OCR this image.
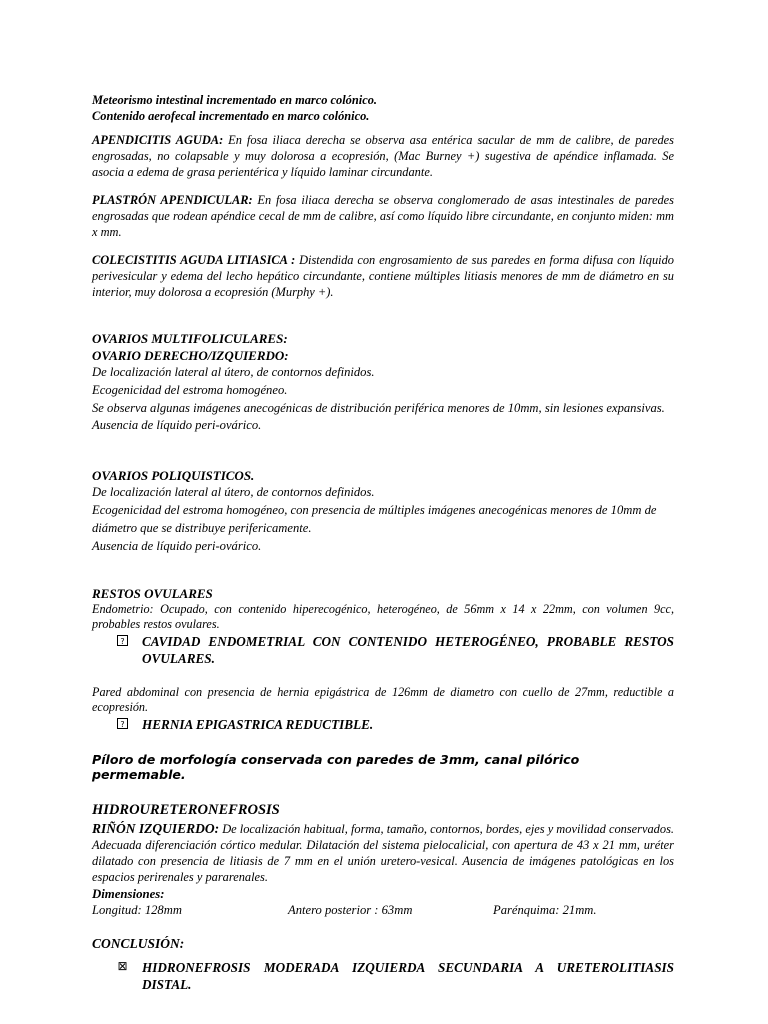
Meteorismo intestinal incrementado en marco colónico.

Contenido aerofecal incrementado en marco colónico.

APENDICITIS AGUDA: En fosa iliaca derecha se observa asa entérica sacular de mm de calibre, de paredes engrosadas, no colapsable y muy dolorosa a ecopresión, (Mac Burney +) sugestiva de apéndice inflamada. Se asocia a edema de grasa perientérica y líquido laminar circundante.

PLASTRÓN APENDICULAR: En fosa iliaca derecha se observa conglomerado de asas intestinales de paredes engrosadas que rodean apéndice cecal de mm de calibre, así como líquido libre circundante, en conjunto miden: mm x mm.

COLECISTITIS AGUDA LITIASICA : Distendida con engrosamiento de sus paredes en forma difusa con líquido perivesicular y edema del lecho hepático circundante, contiene múltiples litiasis menores de mm de diámetro en su interior, muy dolorosa a ecopresión (Murphy +).

OVARIOS MULTIFOLICULARES:

OVARIO DERECHO/IZQUIERDO:

De localización lateral al útero, de contornos definidos.

Ecogenicidad del estroma homogéneo.

Se observa algunas imágenes anecogénicas de distribución periférica menores de 10mm, sin lesiones expansivas.

Ausencia de líquido peri-ovárico.

OVARIOS POLIQUISTICOS.

De localización lateral al útero, de contornos definidos.

Ecogenicidad del estroma homogéneo, con presencia de múltiples imágenes anecogénicas menores de 10mm de diámetro que se distribuye perifericamente.

Ausencia de líquido peri-ovárico.

RESTOS OVULARES

Endometrio: Ocupado, con contenido hiperecogénico, heterogéneo, de 56mm x 14 x 22mm, con volumen 9cc, probables restos ovulares.

? CAVIDAD ENDOMETRIAL CON CONTENIDO HETEROGÉNEO, PROBABLE RESTOS OVULARES.

Pared abdominal con presencia de hernia epigástrica de 126mm de diametro con cuello de 27mm, reductible a ecopresión.

? HERNIA EPIGASTRICA REDUCTIBLE.

Píloro de morfología conservada con paredes de 3mm, canal pilórico permemable.

HIDROURETERONEFROSIS

RIÑÓN IZQUIERDO: De localización habitual, forma, tamaño, contornos, bordes, ejes y movilidad conservados. Adecuada diferenciación córtico medular. Dilatación del sistema pielocalicial, con apertura de 43 x 21 mm, uréter dilatado con presencia de litiasis de 7 mm en el unión uretero-vesical. Ausencia de imágenes patológicas en los espacios perirenales y pararenales.

Dimensiones:

Longitud: 128mm	Antero posterior : 63mm	Parénquima: 21mm.

CONCLUSIÓN:

⊠ HIDRONEFROSIS MODERADA IZQUIERDA SECUNDARIA A URETEROLITIASIS DISTAL.
